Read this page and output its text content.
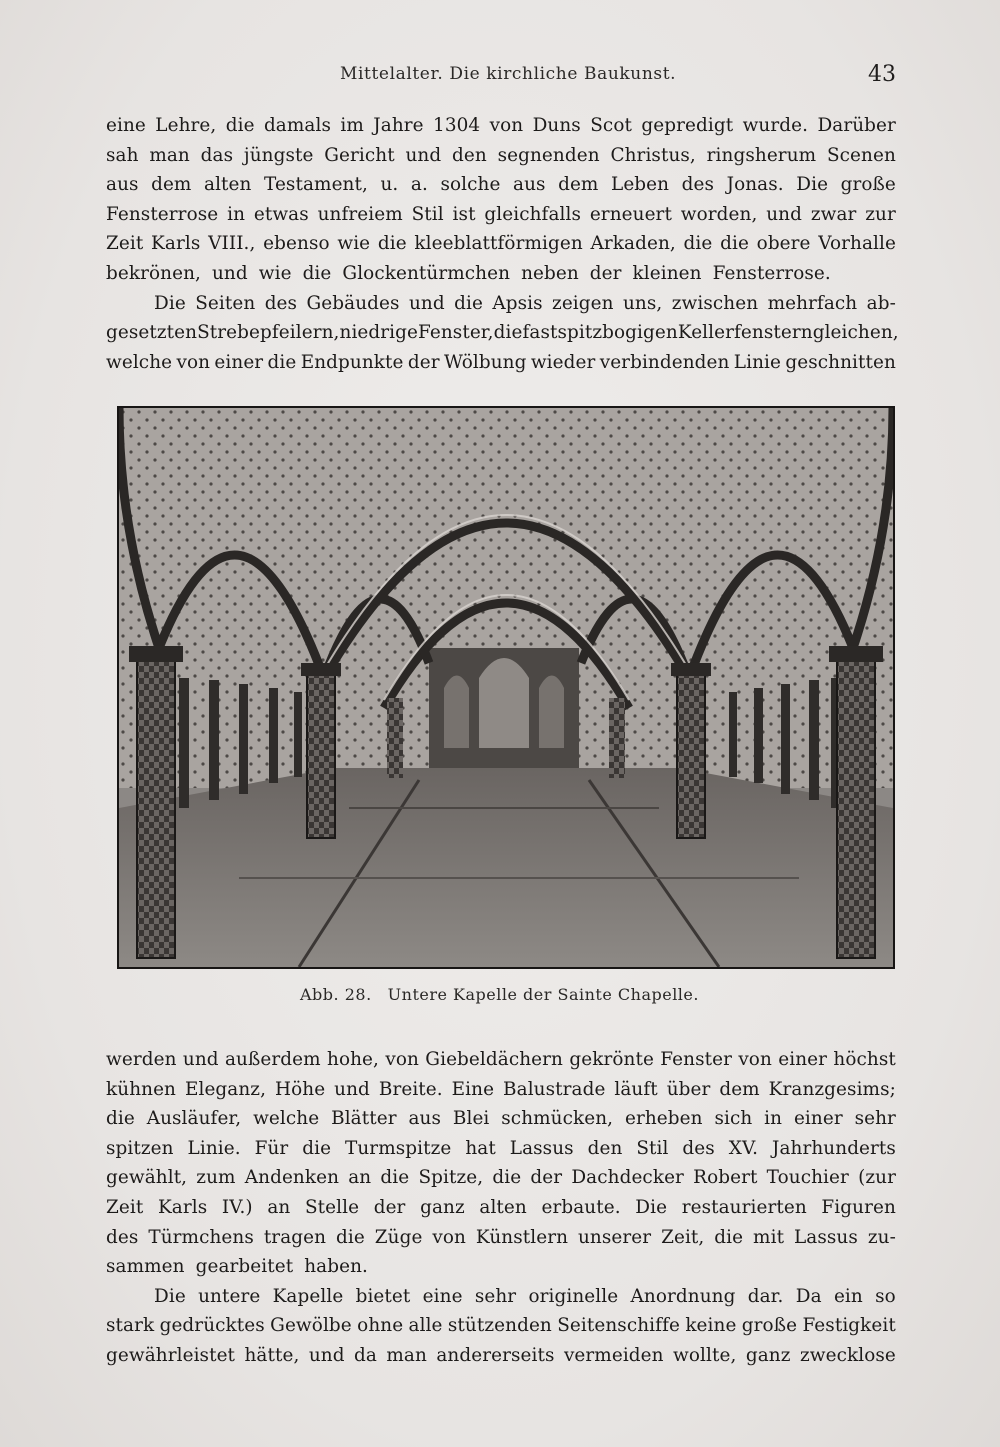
Mittelalter. Die kirchliche Baukunst.	43
eine Lehre, die damals im Jahre 1304 von Duns Scot gepredigt wurde. Darüber
sah man das jüngste Gericht und den segnenden Christus, ringsherum Scenen
aus dem alten Testament, u. a. solche aus dem Leben des Jonas. Die große
Fensterrose in etwas unfreiem Stil ist gleichfalls erneuert worden, und zwar zur
Zeit Karls VIII., ebenso wie die kleeblattförmigen Arkaden, die die obere Vorhalle
bekrönen, und wie die Glockentürmchen neben der kleinen Fensterrose.
Die Seiten des Gebäudes und die Apsis zeigen uns, zwischen mehrfach ab-
gesetzten Strebepfeilern, niedrige Fenster, die fast spitzbogigen Kellerfenstern gleichen,
welche von einer die Endpunkte der Wölbung wieder verbindenden Linie geschnitten
Abb. 28. Untere Kapelle der Sainte Chapelle.
werden und außerdem hohe, von Giebeldächern gekrönte Fenster von einer höchst
kühnen Eleganz, Höhe und Breite. Eine Balustrade läuft über dem Kranzgesims;
die Ausläufer, welche Blätter aus Blei schmücken, erheben sich in einer sehr
spitzen Linie. Für die Turmspitze hat Lassus den Stil des XV. Jahrhunderts
gewählt, zum Andenken an die Spitze, die der Dachdecker Robert Touchier (zur
Zeit Karls IV.) an Stelle der ganz alten erbaute. Die restaurierten Figuren
des Türmchens tragen die Züge von Künstlern unserer Zeit, die mit Lassus zu-
sammen gearbeitet haben.
Die untere Kapelle bietet eine sehr originelle Anordnung dar. Da ein so
stark gedrücktes Gewölbe ohne alle stützenden Seitenschiffe keine große Festigkeit
gewährleistet hätte, und da man andererseits vermeiden wollte, ganz zwecklose
